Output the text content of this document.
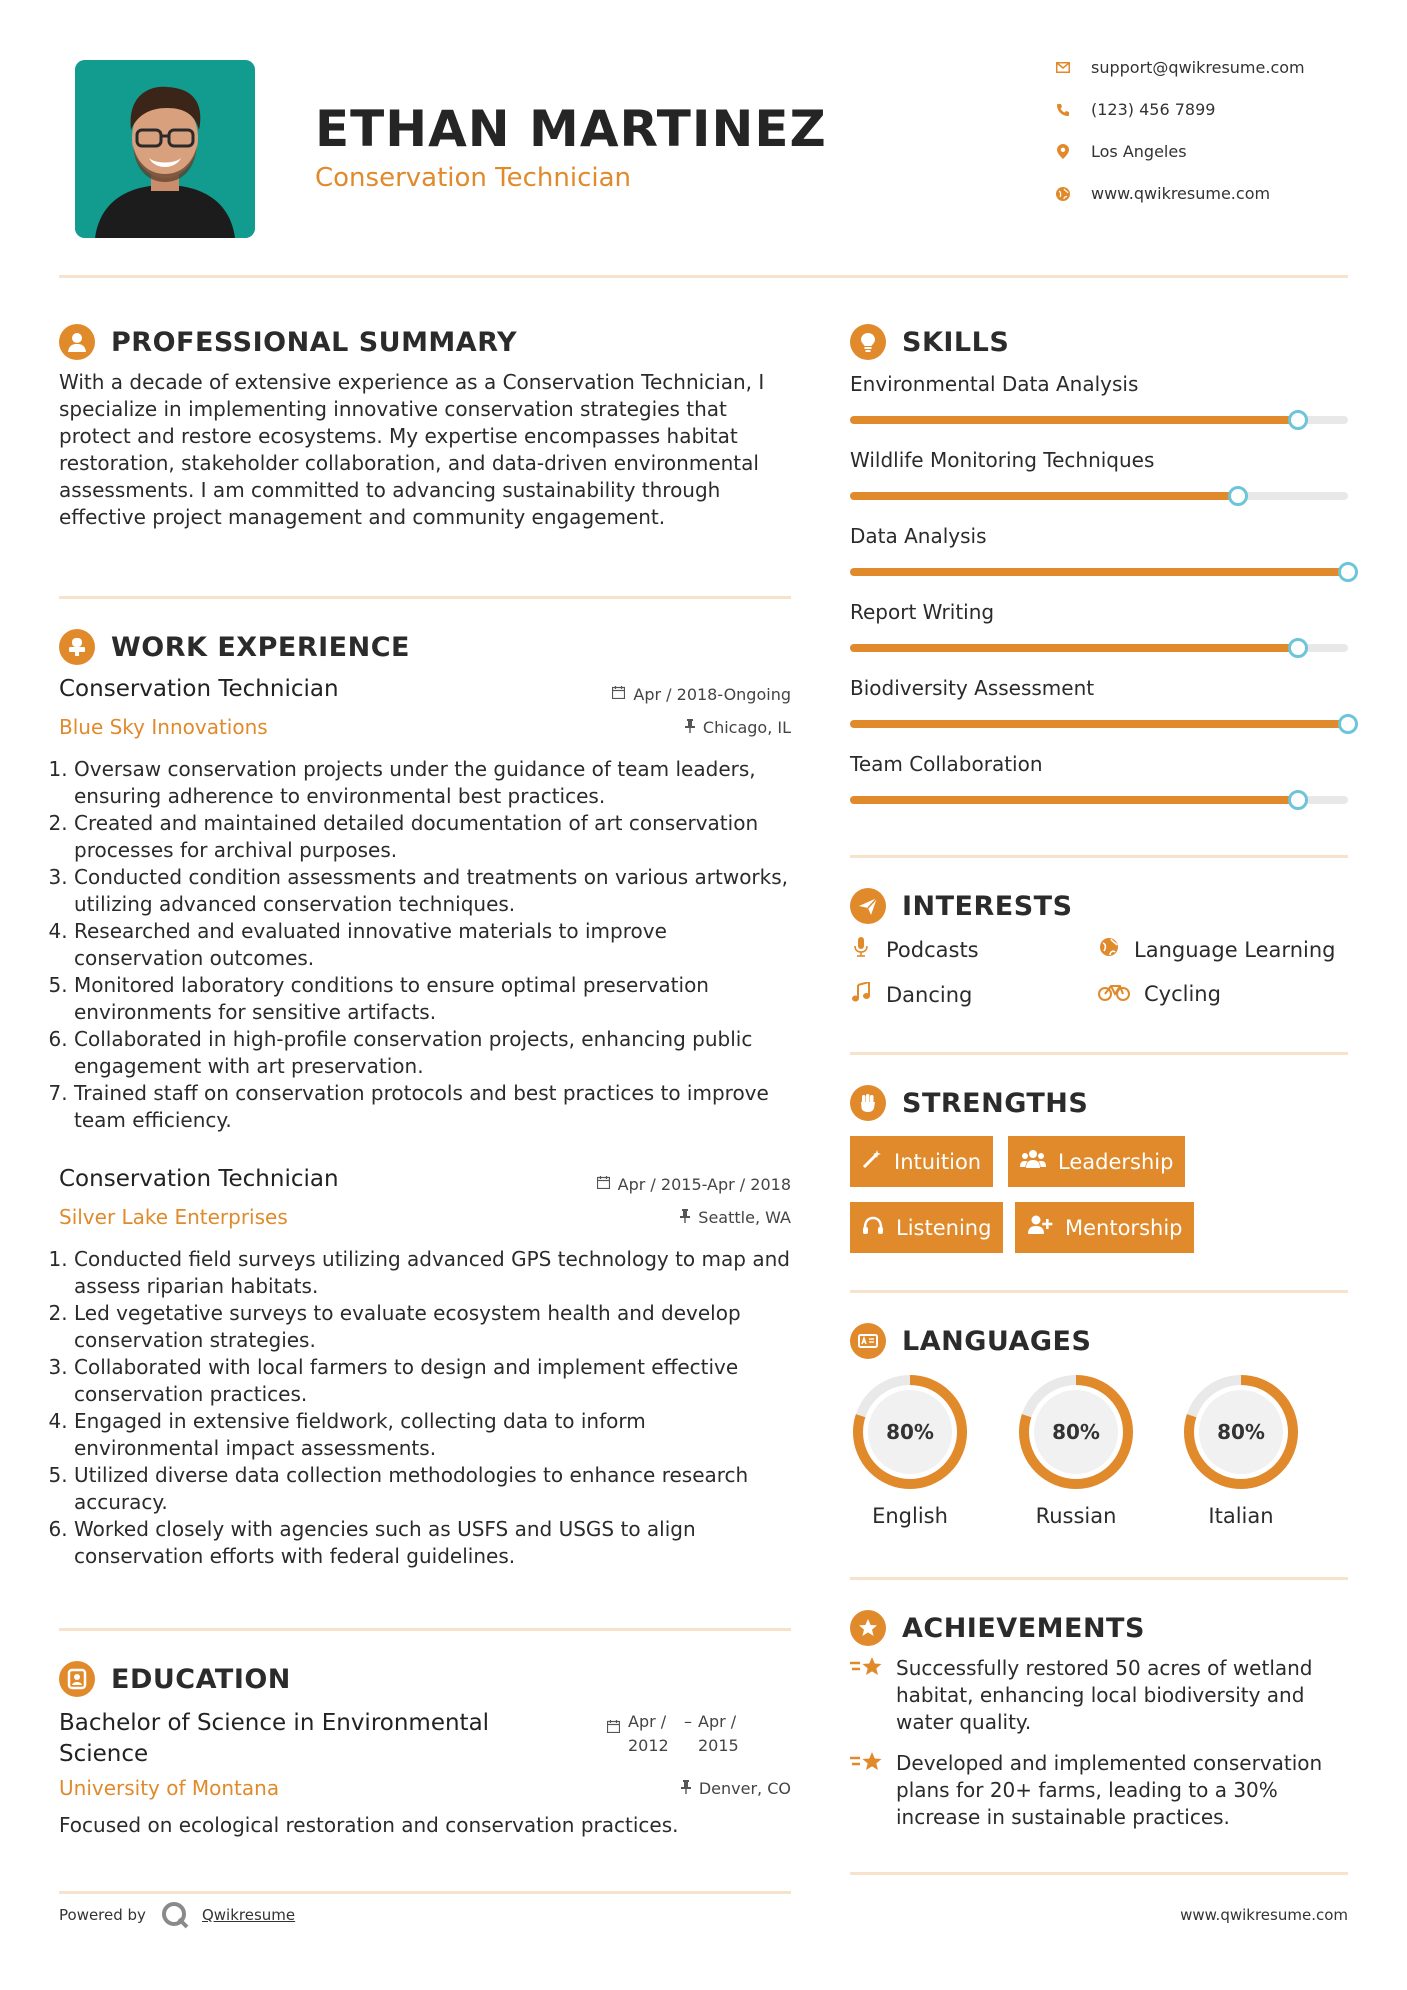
ETHAN MARTINEZ
Conservation Technician
support@qwikresume.com
(123) 456 7899
Los Angeles
www.qwikresume.com
PROFESSIONAL SUMMARY
With a decade of extensive experience as a Conservation Technician, I specialize in implementing innovative conservation strategies that protect and restore ecosystems. My expertise encompasses habitat restoration, stakeholder collaboration, and data-driven environmental assessments. I am committed to advancing sustainability through effective project management and community engagement.
WORK EXPERIENCE
Conservation Technician	Apr / 2018-Ongoing
Blue Sky Innovations	Chicago, IL
1. Oversaw conservation projects under the guidance of team leaders, ensuring adherence to environmental best practices.
2. Created and maintained detailed documentation of art conservation processes for archival purposes.
3. Conducted condition assessments and treatments on various artworks, utilizing advanced conservation techniques.
4. Researched and evaluated innovative materials to improve conservation outcomes.
5. Monitored laboratory conditions to ensure optimal preservation environments for sensitive artifacts.
6. Collaborated in high-profile conservation projects, enhancing public engagement with art preservation.
7. Trained staff on conservation protocols and best practices to improve team efficiency.
Conservation Technician	Apr / 2015-Apr / 2018
Silver Lake Enterprises	Seattle, WA
1. Conducted field surveys utilizing advanced GPS technology to map and assess riparian habitats.
2. Led vegetative surveys to evaluate ecosystem health and develop conservation strategies.
3. Collaborated with local farmers to design and implement effective conservation practices.
4. Engaged in extensive fieldwork, collecting data to inform environmental impact assessments.
5. Utilized diverse data collection methodologies to enhance research accuracy.
6. Worked closely with agencies such as USFS and USGS to align conservation efforts with federal guidelines.
EDUCATION
Bachelor of Science in Environmental Science
Apr / 2012
– Apr / 2015
University of Montana	Denver, CO
Focused on ecological restoration and conservation practices.
Powered by	Qwikresume	www.qwikresume.com
SKILLS
Environmental Data Analysis
Wildlife Monitoring Techniques
Data Analysis
Report Writing
Biodiversity Assessment
Team Collaboration
INTERESTS
Podcasts	Language Learning
Dancing	Cycling
STRENGTHS
Intuition	Leadership
Listening	Mentorship
LANGUAGES
80%
English
80%
Russian
80%
Italian
ACHIEVEMENTS
Successfully restored 50 acres of wetland habitat, enhancing local biodiversity and water quality.
Developed and implemented conservation plans for 20+ farms, leading to a 30% increase in sustainable practices.
